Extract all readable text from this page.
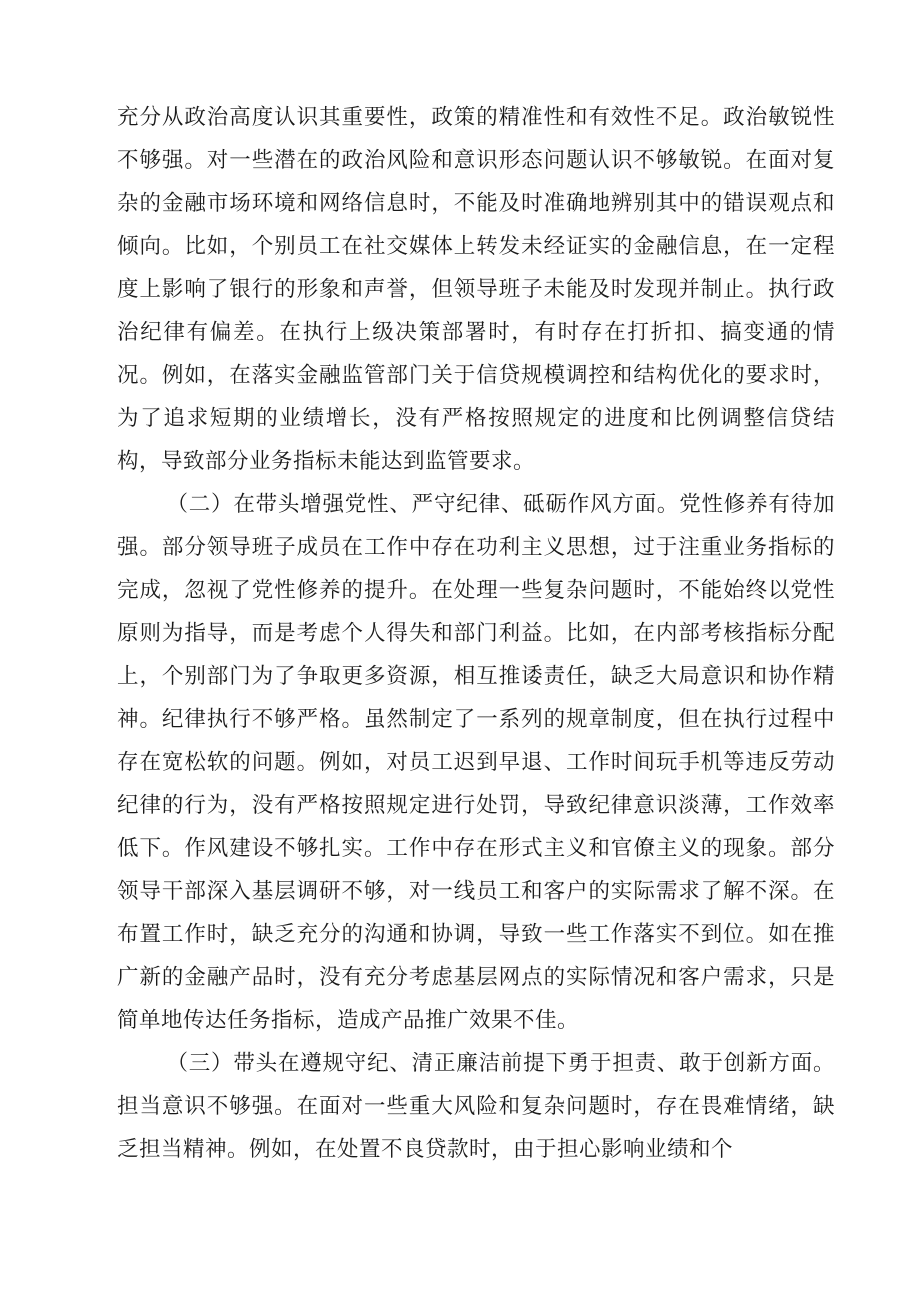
充分从政治高度认识其重要性，政策的精准性和有效性不足。政治敏锐性不够强。对一些潜在的政治风险和意识形态问题认识不够敏锐。在面对复杂的金融市场环境和网络信息时，不能及时准确地辨别其中的错误观点和倾向。比如，个别员工在社交媒体上转发未经证实的金融信息，在一定程度上影响了银行的形象和声誉，但领导班子未能及时发现并制止。执行政治纪律有偏差。在执行上级决策部署时，有时存在打折扣、搞变通的情况。例如，在落实金融监管部门关于信贷规模调控和结构优化的要求时，为了追求短期的业绩增长，没有严格按照规定的进度和比例调整信贷结构，导致部分业务指标未能达到监管要求。

（二）在带头增强党性、严守纪律、砥砺作风方面。党性修养有待加强。部分领导班子成员在工作中存在功利主义思想，过于注重业务指标的完成，忽视了党性修养的提升。在处理一些复杂问题时，不能始终以党性原则为指导，而是考虑个人得失和部门利益。比如，在内部考核指标分配上，个别部门为了争取更多资源，相互推诿责任，缺乏大局意识和协作精神。纪律执行不够严格。虽然制定了一系列的规章制度，但在执行过程中存在宽松软的问题。例如，对员工迟到早退、工作时间玩手机等违反劳动纪律的行为，没有严格按照规定进行处罚，导致纪律意识淡薄，工作效率低下。作风建设不够扎实。工作中存在形式主义和官僚主义的现象。部分领导干部深入基层调研不够，对一线员工和客户的实际需求了解不深。在布置工作时，缺乏充分的沟通和协调，导致一些工作落实不到位。如在推广新的金融产品时，没有充分考虑基层网点的实际情况和客户需求，只是简单地传达任务指标，造成产品推广效果不佳。

（三）带头在遵规守纪、清正廉洁前提下勇于担责、敢于创新方面。担当意识不够强。在面对一些重大风险和复杂问题时，存在畏难情绪，缺乏担当精神。例如，在处置不良贷款时，由于担心影响业绩和个
